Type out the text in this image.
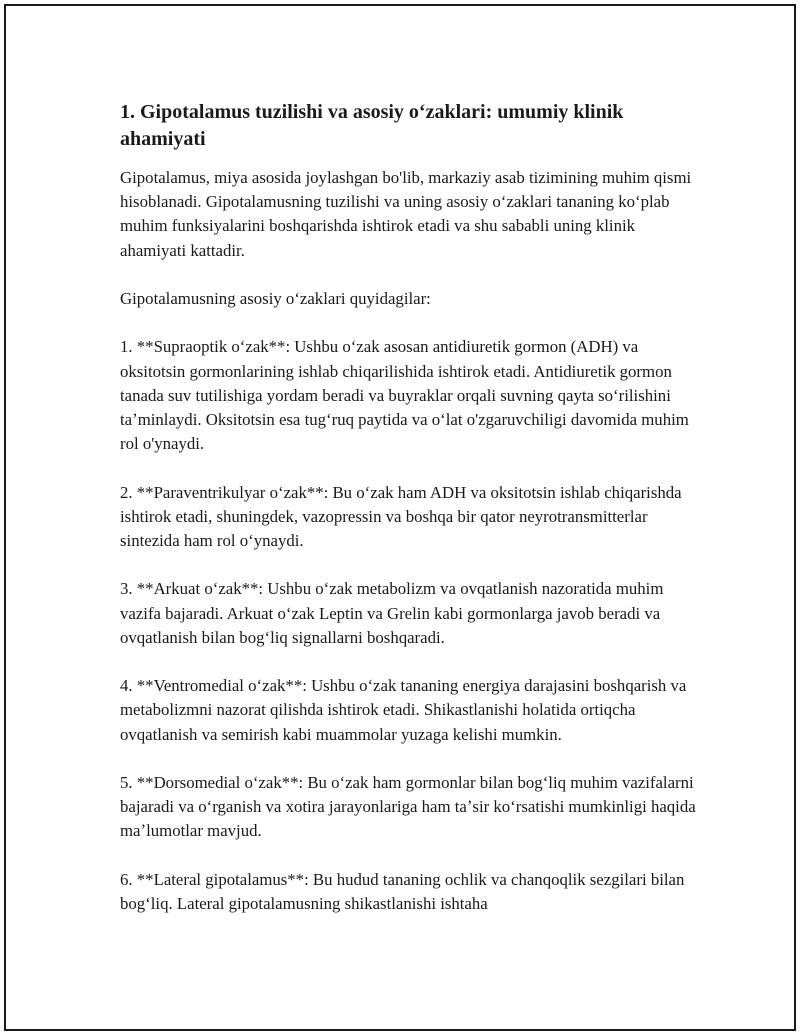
1. Gipotalamus tuzilishi va asosiy oʻzaklari: umumiy klinik ahamiyati

Gipotalamus, miya asosida joylashgan bo'lib, markaziy asab tizimining muhim qismi hisoblanadi. Gipotalamusning tuzilishi va uning asosiy oʻzaklari tananing koʻplab muhim funksiyalarini boshqarishda ishtirok etadi va shu sababli uning klinik ahamiyati kattadir.

Gipotalamusning asosiy oʻzaklari quyidagilar:

1. **Supraoptik oʻzak**: Ushbu oʻzak asosan antidiuretik gormon (ADH) va oksitotsin gormonlarining ishlab chiqarilishida ishtirok etadi. Antidiuretik gormon tanada suv tutilishiga yordam beradi va buyraklar orqali suvning qayta soʻrilishini taʼminlaydi. Oksitotsin esa tugʻruq paytida va oʻlat o'zgaruvchiligi davomida muhim rol o'ynaydi.

2. **Paraventrikulyar oʻzak**: Bu oʻzak ham ADH va oksitotsin ishlab chiqarishda ishtirok etadi, shuningdek, vazopressin va boshqa bir qator neyrotransmitterlar sintezida ham rol oʻynaydi.

3. **Arkuat oʻzak**: Ushbu oʻzak metabolizm va ovqatlanish nazoratida muhim vazifa bajaradi. Arkuat oʻzak Leptin va Grelin kabi gormonlarga javob beradi va ovqatlanish bilan bogʻliq signallarni boshqaradi.

4. **Ventromedial oʻzak**: Ushbu oʻzak tananing energiya darajasini boshqarish va metabolizmni nazorat qilishda ishtirok etadi. Shikastlanishi holatida ortiqcha ovqatlanish va semirish kabi muammolar yuzaga kelishi mumkin.

5. **Dorsomedial oʻzak**: Bu oʻzak ham gormonlar bilan bogʻliq muhim vazifalarni bajaradi va oʻrganish va xotira jarayonlariga ham taʼsir koʻrsatishi mumkinligi haqida maʼlumotlar mavjud.

6. **Lateral gipotalamus**: Bu hudud tananing ochlik va chanqoqlik sezgilari bilan bogʻliq. Lateral gipotalamusning shikastlanishi ishtaha
